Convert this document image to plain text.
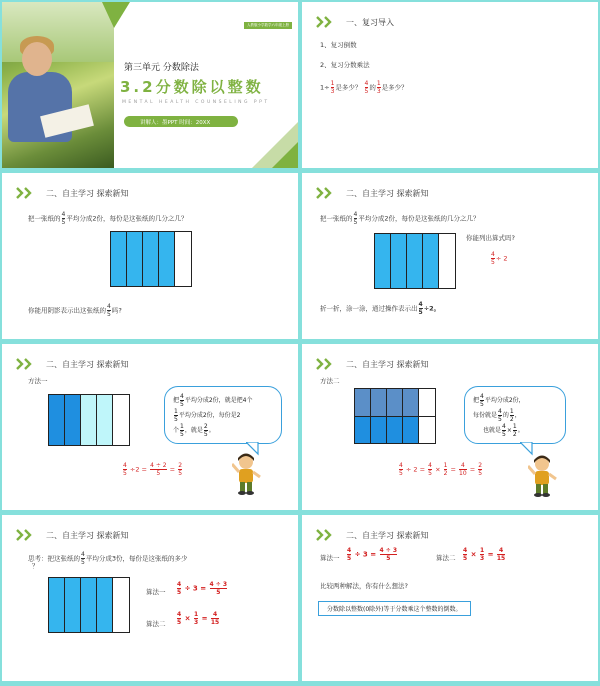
人教版小学数学六年级上册
第三单元 分数除法
3.2分数除以整数
MENTAL HEALTH COUNSELING PPT
讲解人：墨PPT 时间：20XX
一、复习导入
1、复习倒数
2、复习分数乘法
$1\div \frac{1}{3}$ 是多少？ $\frac{4}{5}$ 的 $\frac{1}{3}$ 是多少？
二、自主学习 探索新知
把一张纸的 $\frac{4}{5}$ 平均分成2份，每份是这张纸的几分之几？
你能用阴影表示出这张纸的 $\frac{4}{5}$ 吗?
二、自主学习 探索新知
把一张纸的 $\frac{4}{5}$ 平均分成2份，每份是这张纸的几分之几？
你能列出算式吗?
$\frac{4}{5} \div 2$
折一折，涂一涂，通过操作表示出 $\frac{4}{5} \div 2$。
二、自主学习 探索新知
方法一
把 $\frac{4}{5}$ 平均分成2份，就是把4个
$\frac{1}{5}$ 平均分成2份，每份是2
个 $\frac{1}{5}$ ，就是 $\frac{2}{5}$ 。
$\frac{4}{5} \div 2 = \frac{4 \div 2}{5} = \frac{2}{5}$
二、自主学习 探索新知
方法二
把 $\frac{4}{5}$ 平均分成2份，
每份就是 $\frac{4}{5}$ 的 $\frac{1}{2}$ ，
也就是 $\frac{4}{5} \times \frac{1}{2}$ 。
$\frac{4}{5} \div 2 = \frac{4}{5} \times \frac{1}{2} = \frac{4}{10} = \frac{2}{5}$
二、自主学习 探索新知
思考：把这张纸的 $\frac{4}{5}$ 平均分成3份，每份是这张纸的多少
？
算法一 $\frac{4}{5} \div 3 = \frac{4 \div 3}{5}$
算法二 $\frac{4}{5} \times \frac{1}{3} = \frac{4}{15}$
二、自主学习 探索新知
算法一 $\frac{4}{5} \div 3 = \frac{4 \div 3}{5}$	算法二 $\frac{4}{5} \times \frac{1}{3} = \frac{4}{15}$
比较两种解法，你有什么想法?
分数除以整数(0除外)等于分数乘这个整数的倒数。
